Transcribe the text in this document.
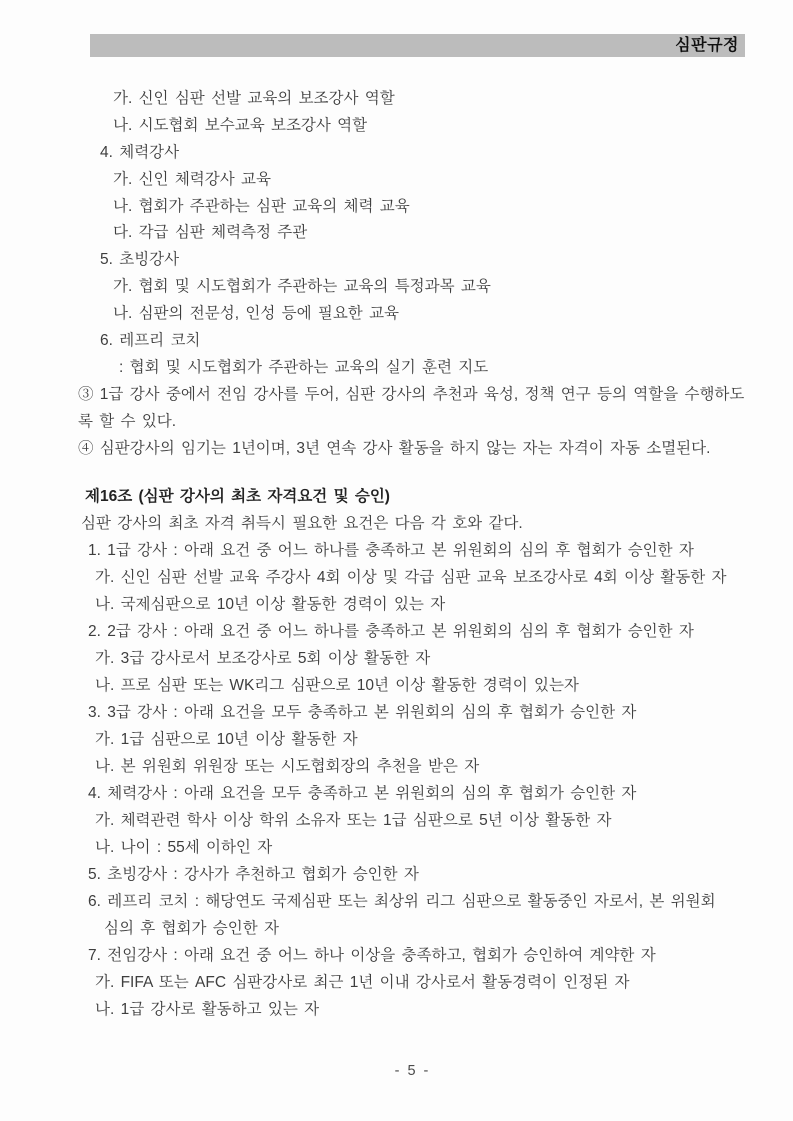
심판규정
가. 신인 심판 선발 교육의 보조강사 역할
나. 시도협회 보수교육 보조강사 역할
4. 체력강사
가. 신인 체력강사 교육
나. 협회가 주관하는 심판 교육의 체력 교육
다. 각급 심판 체력측정 주관
5. 초빙강사
가. 협회 및 시도협회가 주관하는 교육의 특정과목 교육
나. 심판의 전문성, 인성 등에 필요한 교육
6. 레프리 코치
: 협회 및 시도협회가 주관하는 교육의 실기 훈련 지도
③ 1급 강사 중에서 전임 강사를 두어, 심판 강사의 추천과 육성, 정책 연구 등의 역할을 수행하도
록 할 수 있다.
④ 심판강사의 임기는 1년이며, 3년 연속 강사 활동을 하지 않는 자는 자격이 자동 소멸된다.
제16조 (심판 강사의 최초 자격요건 및 승인)
심판 강사의 최초 자격 취득시 필요한 요건은 다음 각 호와 같다.
1. 1급 강사 : 아래 요건 중 어느 하나를 충족하고 본 위원회의 심의 후 협회가 승인한 자
가. 신인 심판 선발 교육 주강사 4회 이상 및 각급 심판 교육 보조강사로 4회 이상 활동한 자
나. 국제심판으로 10년 이상 활동한 경력이 있는 자
2. 2급 강사 : 아래 요건 중 어느 하나를 충족하고 본 위원회의 심의 후 협회가 승인한 자
가. 3급 강사로서 보조강사로 5회 이상 활동한 자
나. 프로 심판 또는 WK리그 심판으로 10년 이상 활동한 경력이 있는자
3. 3급 강사 : 아래 요건을 모두 충족하고 본 위원회의 심의 후 협회가 승인한 자
가. 1급 심판으로 10년 이상 활동한 자
나. 본 위원회 위원장 또는 시도협회장의 추천을 받은 자
4. 체력강사 : 아래 요건을 모두 충족하고 본 위원회의 심의 후 협회가 승인한 자
가. 체력관련 학사 이상 학위 소유자 또는 1급 심판으로 5년 이상 활동한 자
나. 나이 : 55세 이하인 자
5. 초빙강사 : 강사가 추천하고 협회가 승인한 자
6. 레프리 코치 : 해당연도 국제심판 또는 최상위 리그 심판으로 활동중인 자로서, 본 위원회
심의 후 협회가 승인한 자
7. 전임강사 : 아래 요건 중 어느 하나 이상을 충족하고, 협회가 승인하여 계약한 자
가. FIFA 또는 AFC 심판강사로 최근 1년 이내 강사로서 활동경력이 인정된 자
나. 1급 강사로 활동하고 있는 자
- 5 -
